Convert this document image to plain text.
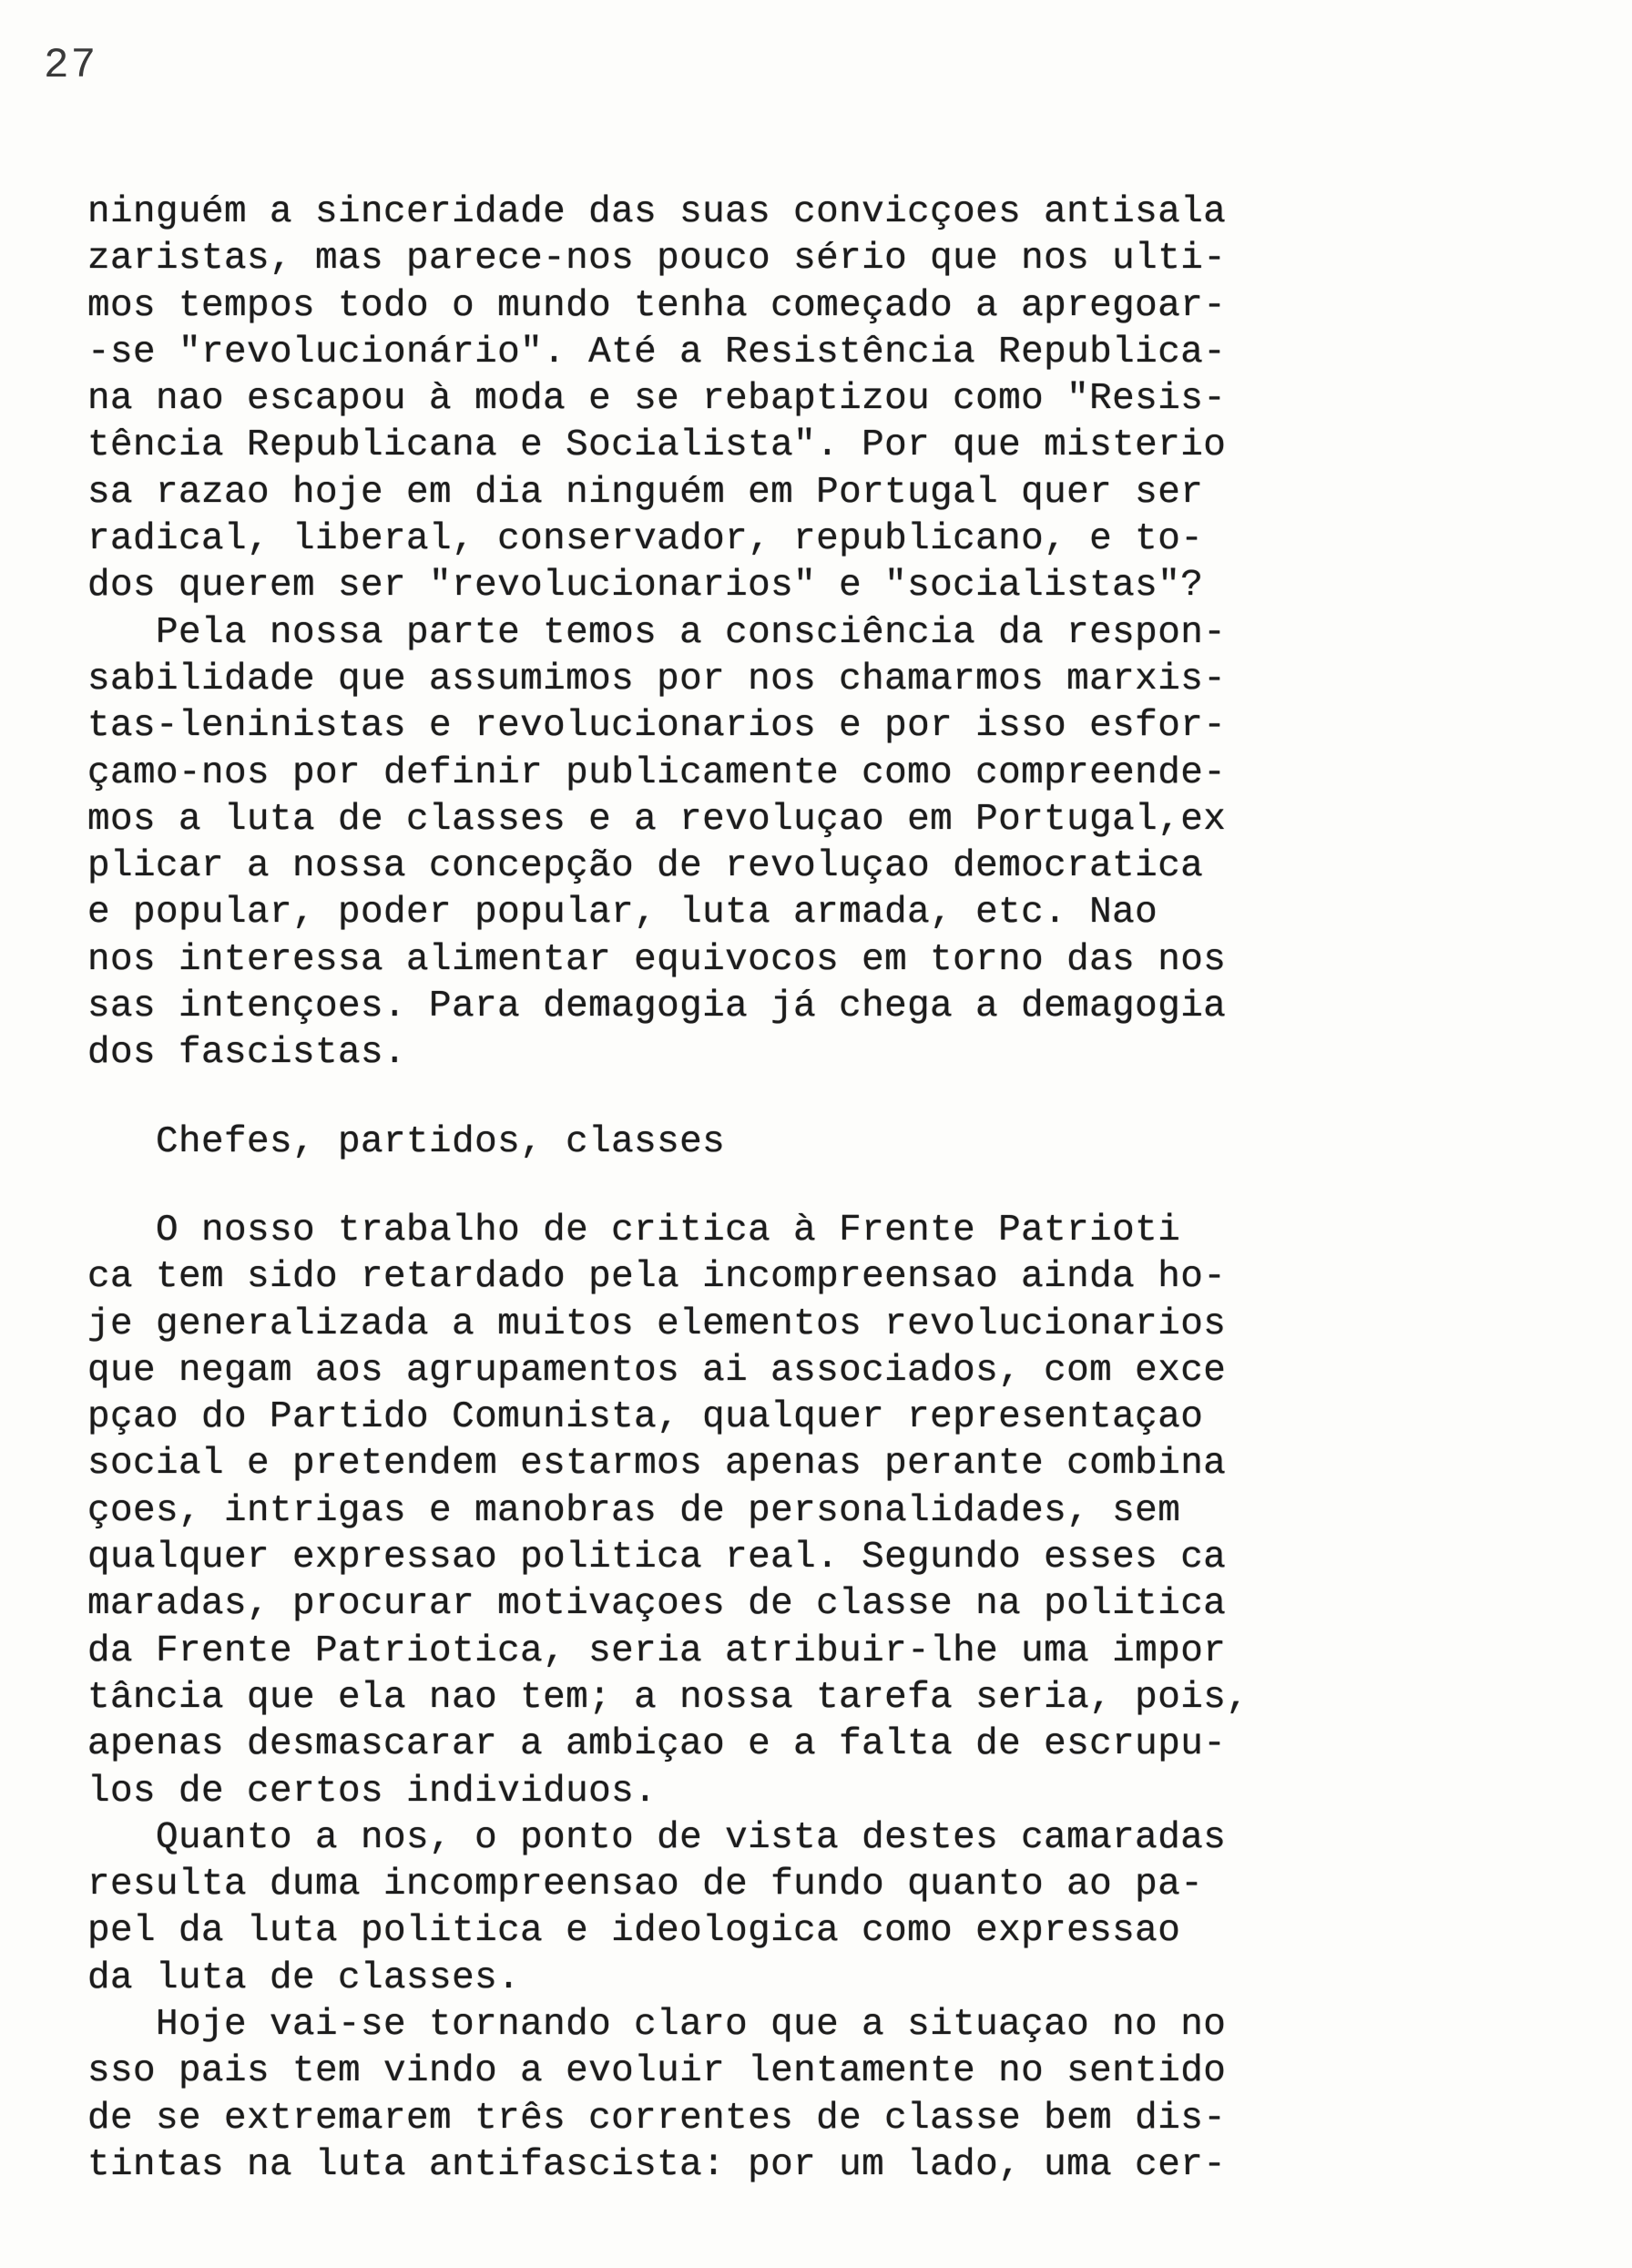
27
ninguém a sinceridade das suas convicçoes antisala
zaristas, mas parece-nos pouco sério que nos ulti-
mos tempos todo o mundo tenha começado a apregoar-
-se "revolucionário". Até a Resistência Republica-
na nao escapou à moda e se rebaptizou como "Resis-
tência Republicana e Socialista". Por que misterio
sa razao hoje em dia ninguém em Portugal quer ser
radical, liberal, conservador, republicano, e to-
dos querem ser "revolucionarios" e "socialistas"?
Pela nossa parte temos a consciência da respon-
sabilidade que assumimos por nos chamarmos marxis-
tas-leninistas e revolucionarios e por isso esfor-
çamo-nos por definir publicamente como compreende-
mos a luta de classes e a revoluçao em Portugal,ex
plicar a nossa concepção de revoluçao democratica
e popular, poder popular, luta armada, etc. Nao
nos interessa alimentar equivocos em torno das nos
sas intençoes. Para demagogia já chega a demagogia
dos fascistas.
Chefes, partidos, classes
O nosso trabalho de critica à Frente Patrioti
ca tem sido retardado pela incompreensao ainda ho-
je generalizada a muitos elementos revolucionarios
que negam aos agrupamentos ai associados, com exce
pçao do Partido Comunista, qualquer representaçao
social e pretendem estarmos apenas perante combina
çoes, intrigas e manobras de personalidades, sem
qualquer expressao politica real. Segundo esses ca
maradas, procurar motivaçoes de classe na politica
da Frente Patriotica, seria atribuir-lhe uma impor
tância que ela nao tem; a nossa tarefa seria, pois,
apenas desmascarar a ambiçao e a falta de escrupu-
los de certos individuos.
Quanto a nos, o ponto de vista destes camaradas
resulta duma incompreensao de fundo quanto ao pa-
pel da luta politica e ideologica como expressao
da luta de classes.
Hoje vai-se tornando claro que a situaçao no no
sso pais tem vindo a evoluir lentamente no sentido
de se extremarem três correntes de classe bem dis-
tintas na luta antifascista: por um lado, uma cer-
